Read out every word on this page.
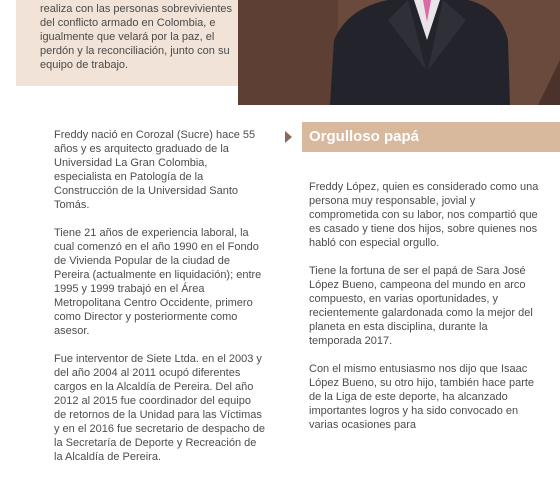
realiza con las personas sobrevivientes del conflicto armado en Colombia, e igualmente que velará por la paz, el perdón y la reconciliación, junto con su equipo de trabajo.

Freddy nació en Corozal (Sucre) hace 55 años y es arquitecto graduado de la Universidad La Gran Colombia, especialista en Patología de la Construcción de la Universidad Santo Tomás.

Tiene 21 años de experiencia laboral, la cual comenzó en el año 1990 en el Fondo de Vivienda Popular de la ciudad de Pereira (actualmente en liquidación); entre 1995 y 1999 trabajó en el Área Metropolitana Centro Occidente, primero como Director y posteriormente como asesor.

Fue interventor de Siete Ltda. en el 2003 y del año 2004 al 2011 ocupó diferentes cargos en la Alcaldía de Pereira. Del año 2012 al 2015 fue coordinador del equipo de retornos de la Unidad para las Víctimas y en el 2016 fue secretario de despacho de la Secretaría de Deporte y Recreación de la Alcaldía de Pereira.

Orgulloso papá

Freddy López, quien es considerado como una persona muy responsable, jovial y comprometida con su labor, nos compartió que es casado y tiene dos hijos, sobre quienes nos habló con especial orgullo.

Tiene la fortuna de ser el papá de Sara José López Bueno, campeona del mundo en arco compuesto, en varias oportunidades, y recientemente galardonada como la mejor del planeta en esta disciplina, durante la temporada 2017.

Con el mismo entusiasmo nos dijo que Isaac López Bueno, su otro hijo, también hace parte de la Liga de este deporte, ha alcanzado importantes logros y ha sido convocado en varias ocasiones para
